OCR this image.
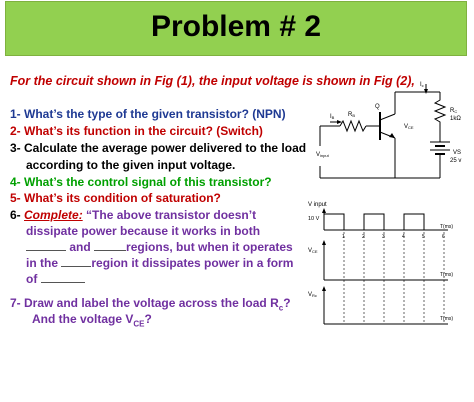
Problem # 2
For the circuit shown in Fig (1), the input voltage is shown in Fig (2),
1- What’s the type of the given transistor? (NPN)
2- What’s its function in the circuit? (Switch)
3- Calculate the average power delivered to the load
according to the given input voltage.
4- What’s the control signal of this transistor?
5- What’s its condition of saturation?
6- Complete: “The above transistor doesn’t
dissipate power because it works in both
and	regions, but when it operates
in the	region it dissipates power in a form
of
7- Draw and label the voltage across the load $R_c$?
And the voltage $V_{CE}$?
Ic
RC
1kΩ
IB RB
Q
VCE
Vinput	VS
25 v
V input
10 V
1	2	3	4	5	6
T(ms)
T(ms)
T(ms)
VCE
VRc
